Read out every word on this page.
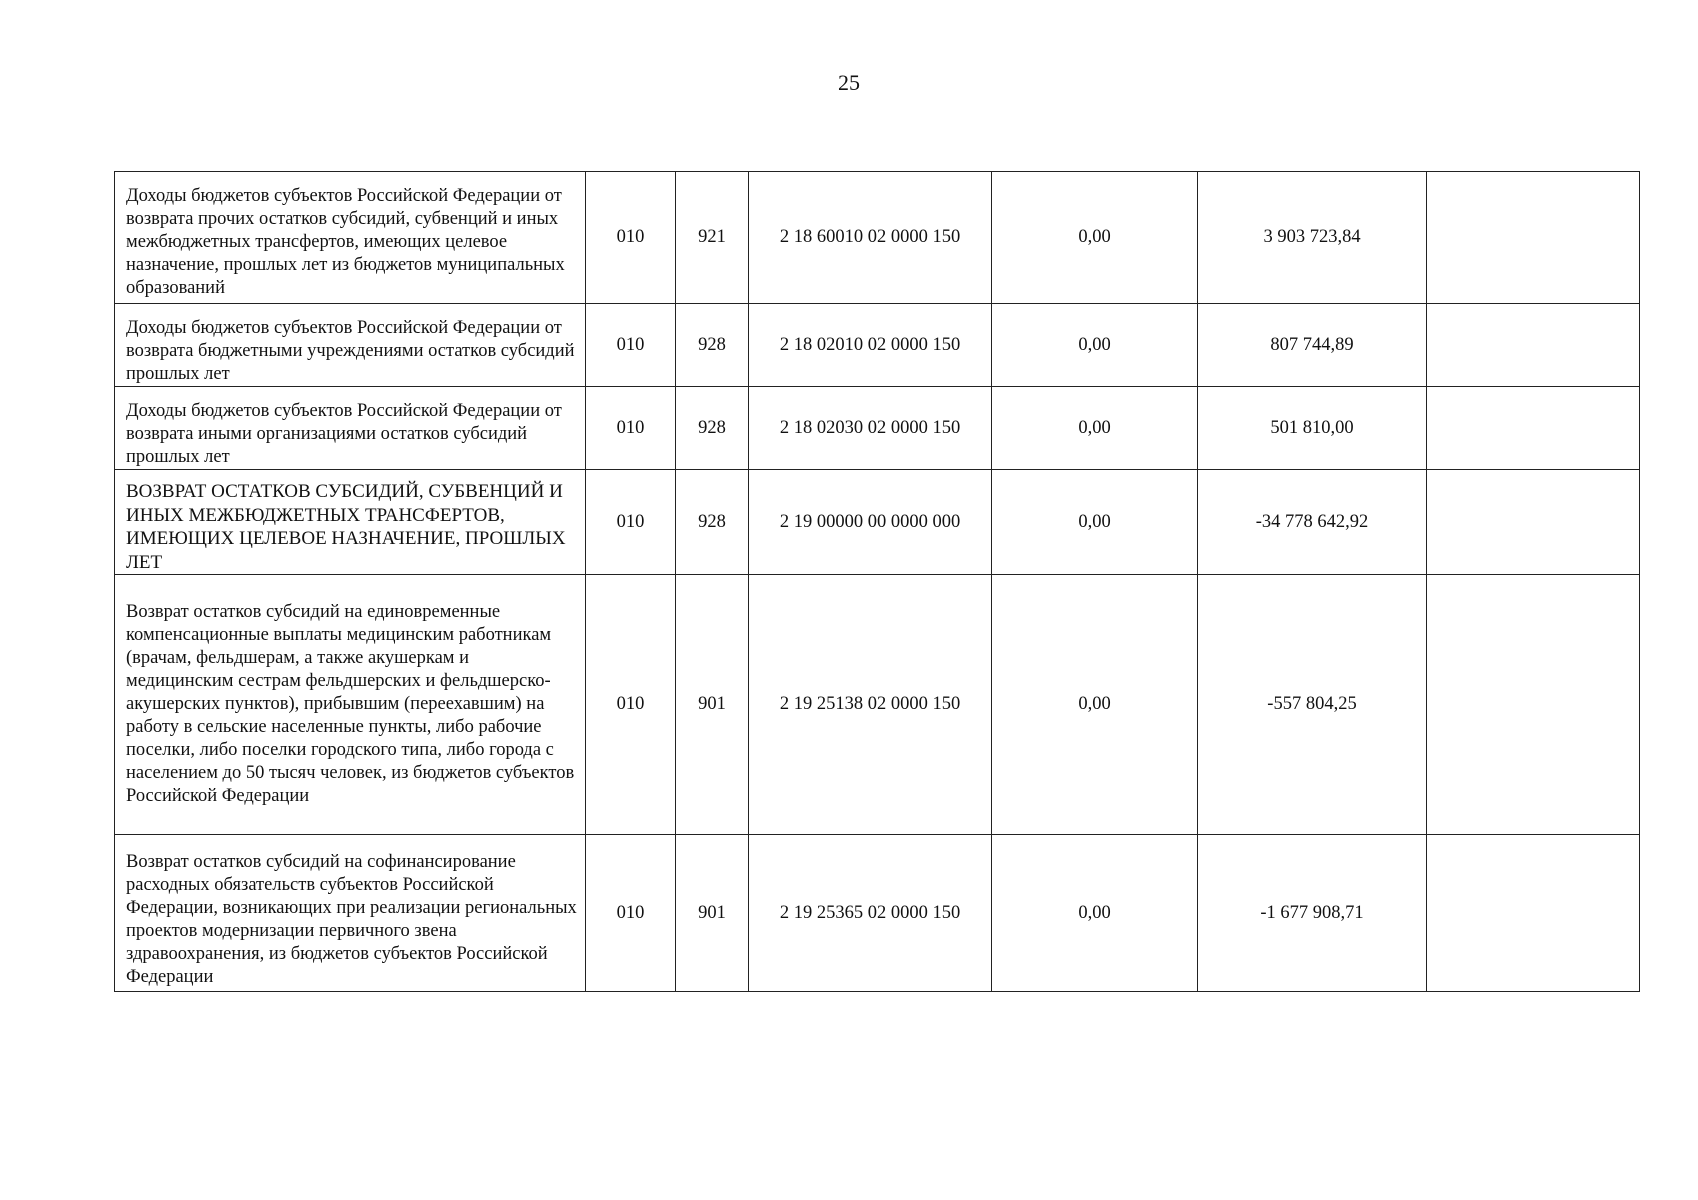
25
Доходы бюджетов субъектов Российской Федерации от возврата прочих остатков субсидий, субвенций и иных межбюджетных трансфертов, имеющих целевое назначение, прошлых лет из бюджетов муниципальных образований	010	921	2 18 60010 02 0000 150	0,00	3 903 723,84	
Доходы бюджетов субъектов Российской Федерации от возврата бюджетными учреждениями остатков субсидий прошлых лет	010	928	2 18 02010 02 0000 150	0,00	807 744,89	
Доходы бюджетов субъектов Российской Федерации от возврата иными организациями остатков субсидий прошлых лет	010	928	2 18 02030 02 0000 150	0,00	501 810,00	
ВОЗВРАТ ОСТАТКОВ СУБСИДИЙ, СУБВЕНЦИЙ И ИНЫХ МЕЖБЮДЖЕТНЫХ ТРАНСФЕРТОВ, ИМЕЮЩИХ ЦЕЛЕВОЕ НАЗНАЧЕНИЕ, ПРОШЛЫХ ЛЕТ	010	928	2 19 00000 00 0000 000	0,00	-34 778 642,92	
Возврат остатков субсидий на единовременные компенсационные выплаты медицинским работникам (врачам, фельдшерам, а также акушеркам и медицинским сестрам фельдшерских и фельдшерско-акушерских пунктов), прибывшим (переехавшим) на работу в сельские населенные пункты, либо рабочие поселки, либо поселки городского типа, либо города с населением до 50 тысяч человек, из бюджетов субъектов Российской Федерации	010	901	2 19 25138 02 0000 150	0,00	-557 804,25	
Возврат остатков субсидий на софинансирование расходных обязательств субъектов Российской Федерации, возникающих при реализации региональных проектов модернизации первичного звена здравоохранения, из бюджетов субъектов Российской Федерации	010	901	2 19 25365 02 0000 150	0,00	-1 677 908,71	
